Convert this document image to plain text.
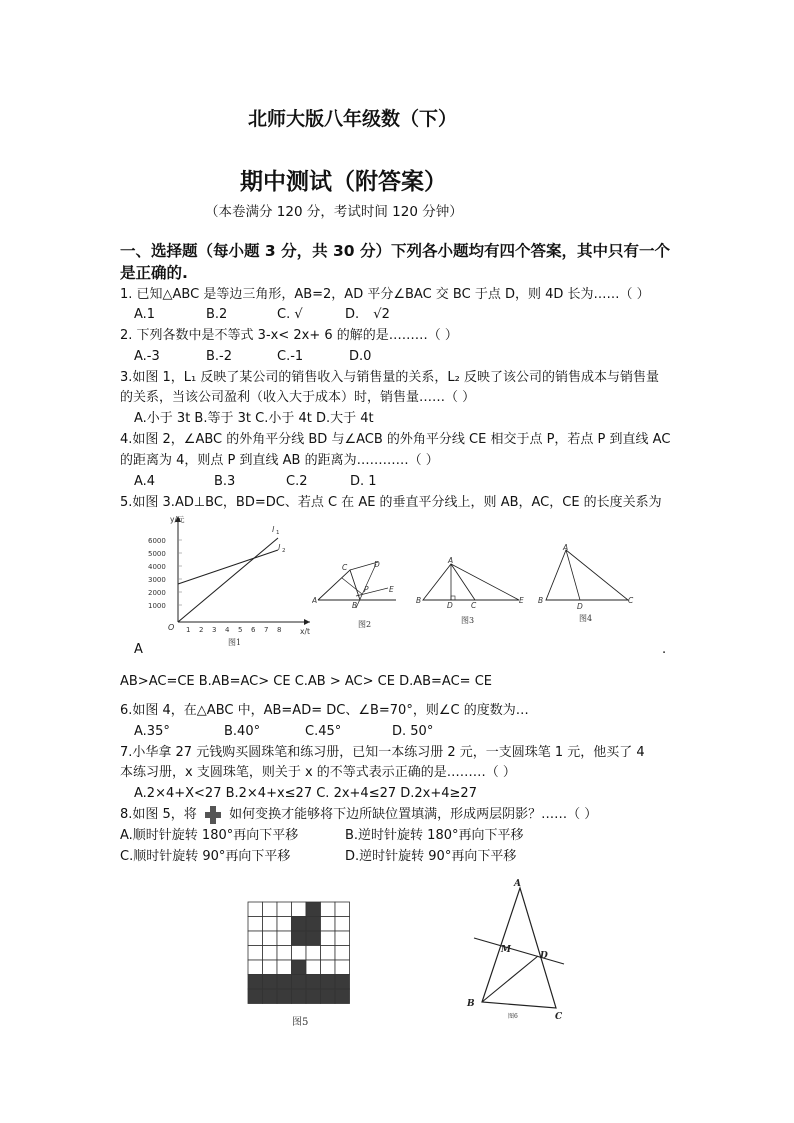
北师大版八年级数（下）
期中测试（附答案）
（本卷满分 120 分，考试时间 120 分钟）
一、选择题（每小题 3 分，共 30 分）下列各小题均有四个答案，其中只有一个是正确的.
1. 已知△ABC 是等边三角形，AB=2，AD 平分∠BAC 交 BC 于点 D，则 4D 长为……（ ）
A.1	B.2	C. √	D. √2
2. 下列各数中是不等式 3-x< 2x+ 6 的解的是………（ ）
A.-3	B.-2	C.-1	D.0
3.如图 1，L₁ 反映了某公司的销售收入与销售量的关系，L₂ 反映了该公司的销售成本与销售量
的关系，当该公司盈利（收入大于成本）时，销售量……（ ）
A.小于 3t B.等于 3t C.小于 4t D.大于 4t
4.如图 2，∠ABC 的外角平分线 BD 与∠ACB 的外角平分线 CE 相交于点 P，若点 P 到直线 AC
的距离为 4，则点 P 到直线 AB 的距离为…………（ ）
A.4	B.3	C.2	D. 1
5.如图 3.AD⊥BC，BD=DC、若点 C 在 AE 的垂直平分线上，则 AB，AC，CE 的长度关系为
y/元
x/t
O
6000
5000
4000
3000
2000
1000
1 2 3 4 5 6 7 8
l 1
l 2
图1
C	D
A
B
P	E
图2
A
B
D C
E
图3
A
B
D
C
图4
A	.
AB>AC=CE B.AB=AC> CE C.AB > AC> CE D.AB=AC= CE
6.如图 4，在△ABC 中，AB=AD= DC、∠B=70°，则∠C 的度数为…
A.35°	B.40°	C.45°	D. 50°
7.小华拿 27 元钱购买圆珠笔和练习册，已知一本练习册 2 元，一支圆珠笔 1 元，他买了 4
本练习册，x 支圆珠笔，则关于 x 的不等式表示正确的是………（ ）
A.2×4+X<27 B.2×4+x≤27 C. 2x+4≤27 D.2x+4≥27
8.如图 5，将 如何变换才能够将下边所缺位置填满，形成两层阴影？……（ ）
A.顺时针旋转 180°再向下平移	B.逆时针旋转 180°再向下平移
C.顺时针旋转 90°再向下平移	D.逆时针旋转 90°再向下平移
图5
A
B
C
D
M
图6
